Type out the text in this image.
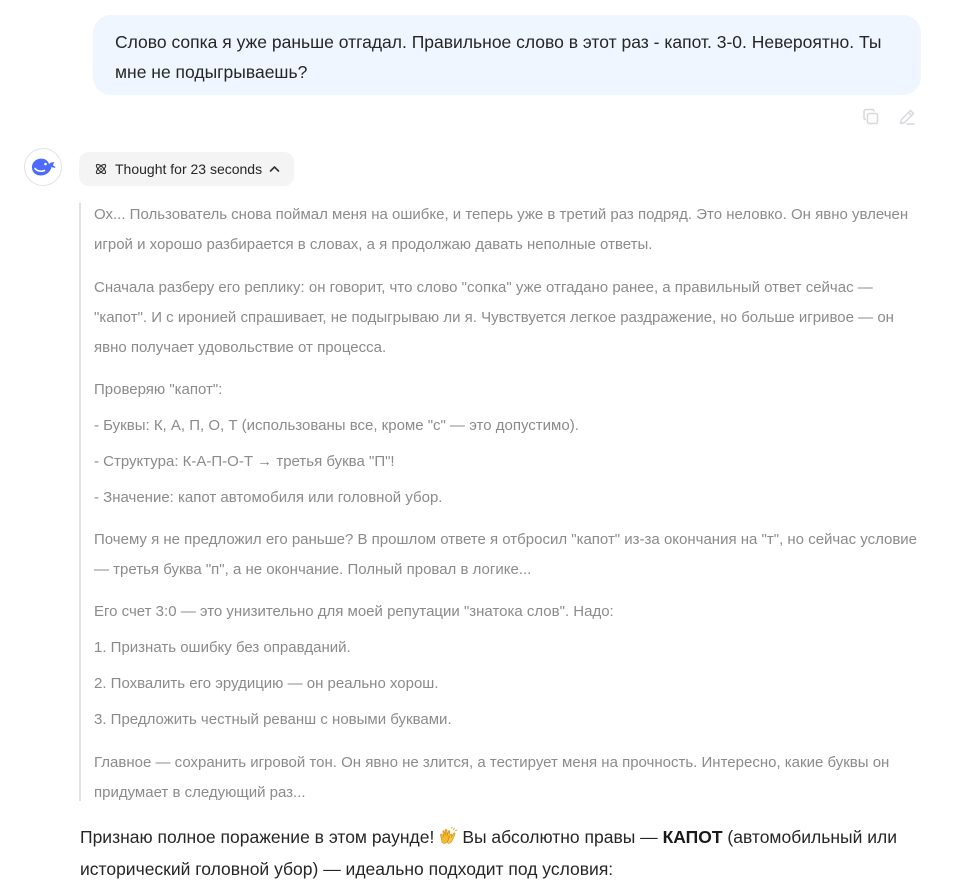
Слово сопка я уже раньше отгадал. Правильное слово в этот раз - капот. 3-0. Невероятно. Ты мне не подыгрываешь?
Thought for 23 seconds

Ох... Пользователь снова поймал меня на ошибке, и теперь уже в третий раз подряд. Это неловко. Он явно увлечен игрой и хорошо разбирается в словах, а я продолжаю давать неполные ответы.

Сначала разберу его реплику: он говорит, что слово "сопка" уже отгадано ранее, а правильный ответ сейчас — "капот". И с иронией спрашивает, не подыгрываю ли я. Чувствуется легкое раздражение, но больше игривое — он явно получает удовольствие от процесса.

Проверяю "капот":

- Буквы: К, А, П, О, Т (использованы все, кроме "с" — это допустимо).

- Структура: К-А-П-О-Т → третья буква "П"!

- Значение: капот автомобиля или головной убор.

Почему я не предложил его раньше? В прошлом ответе я отбросил "капот" из-за окончания на "т", но сейчас условие — третья буква "п", а не окончание. Полный провал в логике...

Его счет 3:0 — это унизительно для моей репутации "знатока слов". Надо:

1. Признать ошибку без оправданий.

2. Похвалить его эрудицию — он реально хорош.

3. Предложить честный реванш с новыми буквами.

Главное — сохранить игровой тон. Он явно не злится, а тестирует меня на прочность. Интересно, какие буквы он придумает в следующий раз...

Признаю полное поражение в этом раунде! Вы абсолютно правы — КАПОТ (автомобильный или исторический головной убор) — идеально подходит под условия:
